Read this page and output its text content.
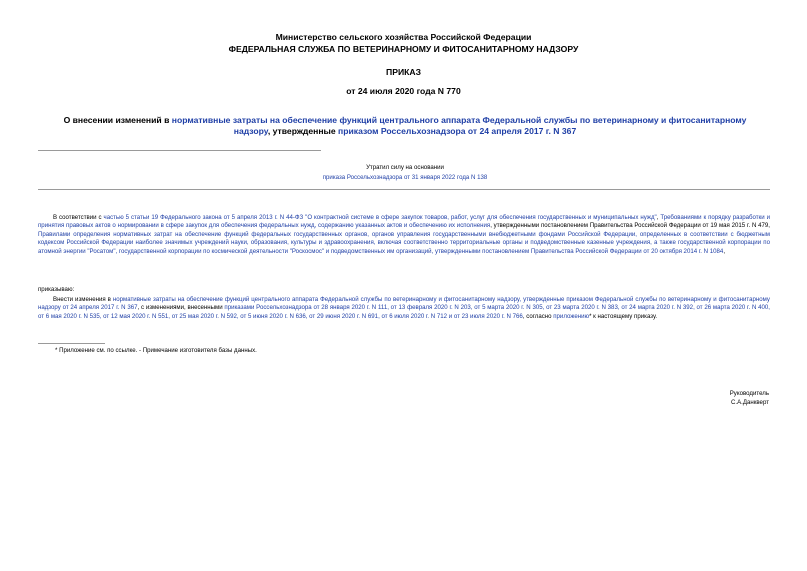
Министерство сельского хозяйства Российской Федерации
ФЕДЕРАЛЬНАЯ СЛУЖБА ПО ВЕТЕРИНАРНОМУ И ФИТОСАНИТАРНОМУ НАДЗОРУ
ПРИКАЗ
от 24 июля 2020 года N 770
О внесении изменений в нормативные затраты на обеспечение функций центрального аппарата Федеральной службы по ветеринарному и фитосанитарному надзору, утвержденные приказом Россельхознадзора от 24 апреля 2017 г. N 367
Утратил силу на основании
приказа Россельхознадзора от 31 января 2022 года N 138
В соответствии с частью 5 статьи 19 Федерального закона от 5 апреля 2013 г. N 44-ФЗ "О контрактной системе в сфере закупок товаров, работ, услуг для обеспечения государственных и муниципальных нужд", Требованиями к порядку разработки и принятия правовых актов о нормировании в сфере закупок для обеспечения федеральных нужд, содержанию указанных актов и обеспечению их исполнения, утвержденными постановлением Правительства Российской Федерации от 19 мая 2015 г. N 479, Правилами определения нормативных затрат на обеспечение функций федеральных государственных органов, органов управления государственными внебюджетными фондами Российской Федерации, определенных в соответствии с бюджетным кодексом Российской Федерации наиболее значимых учреждений науки, образования, культуры и здравоохранения, включая соответственно территориальные органы и подведомственные казенные учреждения, а также государственной корпорации по атомной энергии "Росатом", государственной корпорации по космической деятельности "Роскосмос" и подведомственных им организаций, утвержденными постановлением Правительства Российской Федерации от 20 октября 2014 г. N 1084,
приказываю:
Внести изменения в нормативные затраты на обеспечение функций центрального аппарата Федеральной службы по ветеринарному и фитосанитарному надзору, утвержденные приказом Федеральной службы по ветеринарному и фитосанитарному надзору от 24 апреля 2017 г. N 367, с изменениями, внесенными приказами Россельхознадзора от 28 января 2020 г. N 111, от 13 февраля 2020 г. N 203, от 5 марта 2020 г. N 305, от 23 марта 2020 г. N 383, от 24 марта 2020 г. N 392, от 26 марта 2020 г. N 400, от 6 мая 2020 г. N 535, от 12 мая 2020 г. N 551, от 25 мая 2020 г. N 592, от 5 июня 2020 г. N 636, от 29 июня 2020 г. N 691, от 6 июля 2020 г. N 712 и от 23 июля 2020 г. N 766, согласно приложению* к настоящему приказу.
* Приложение см. по ссылке. - Примечание изготовителя базы данных.
Руководитель
С.А.Данкверт
